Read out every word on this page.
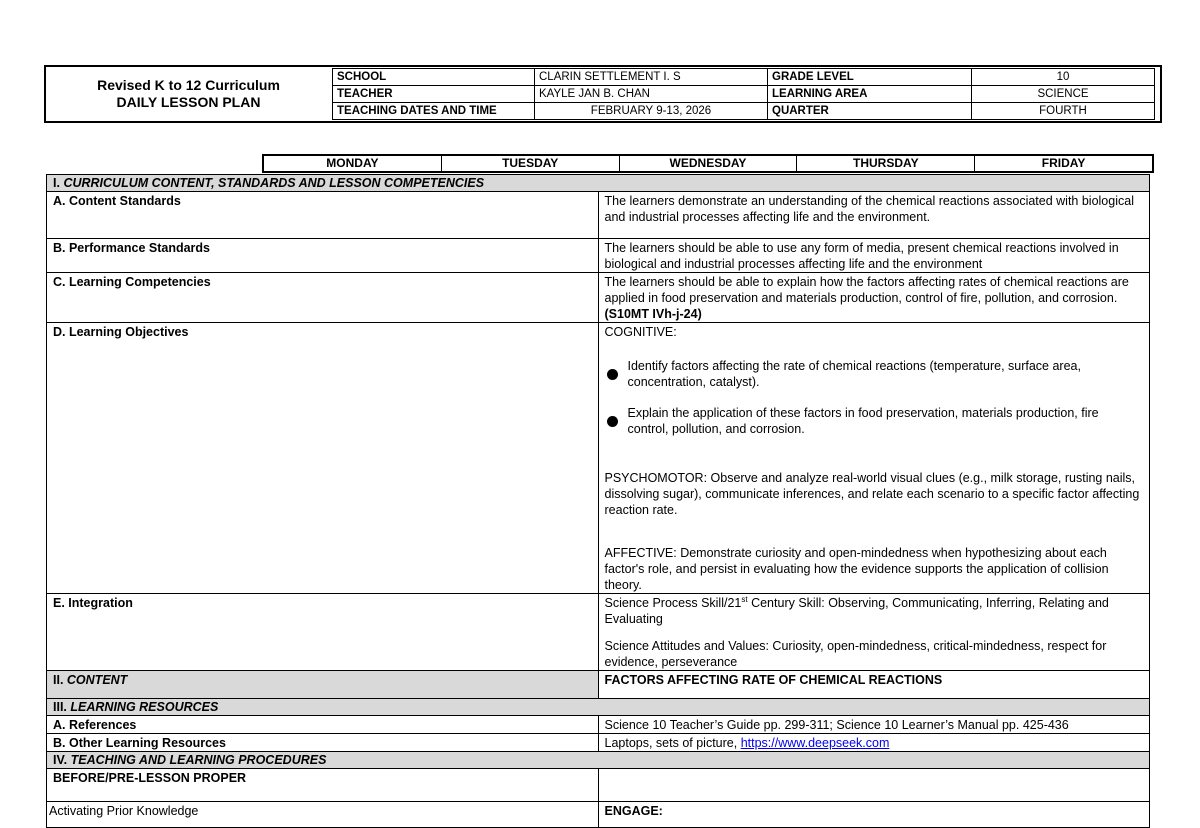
Revised K to 12 Curriculum
DAILY LESSON PLAN
SCHOOL	CLARIN SETTLEMENT I. S	GRADE LEVEL	10
TEACHER	KAYLE JAN B. CHAN	LEARNING AREA	SCIENCE
TEACHING DATES AND TIME	FEBRUARY 9-13, 2026	QUARTER	FOURTH
MONDAY	TUESDAY	WEDNESDAY	THURSDAY	FRIDAY
I. CURRICULUM CONTENT, STANDARDS AND LESSON COMPETENCIES	
A. Content Standards	The learners demonstrate an understanding of the chemical reactions associated with biological and industrial processes affecting life and the environment.
B. Performance Standards	The learners should be able to use any form of media, present chemical reactions involved in biological and industrial processes affecting life and the environment
C. Learning Competencies	The learners should be able to explain how the factors affecting rates of chemical reactions are applied in food preservation and materials production, control of fire, pollution, and corrosion. (S10MT IVh-j-24)
D. Learning Objectives	COGNITIVE:
Identify factors affecting the rate of chemical reactions (temperature, surface area, concentration, catalyst).
Explain the application of these factors in food preservation, materials production, fire control, pollution, and corrosion.
PSYCHOMOTOR: Observe and analyze real-world visual clues (e.g., milk storage, rusting nails, dissolving sugar), communicate inferences, and relate each scenario to a specific factor affecting reaction rate.
AFFECTIVE: Demonstrate curiosity and open-mindedness when hypothesizing about each factor's role, and persist in evaluating how the evidence supports the application of collision theory.

E. Integration	Science Process Skill/21st Century Skill: Observing, Communicating, Inferring, Relating and Evaluating
Science Attitudes and Values: Curiosity, open-mindedness, critical-mindedness, respect for evidence, perseverance

II. CONTENT	FACTORS AFFECTING RATE OF CHEMICAL REACTIONS
III. LEARNING RESOURCES	
A. References	Science 10 Teacher’s Guide pp. 299-311; Science 10 Learner’s Manual pp. 425-436
B. Other Learning Resources	Laptops, sets of picture, https://www.deepseek.com
IV. TEACHING AND LEARNING PROCEDURES	
BEFORE/PRE-LESSON PROPER	
Activating Prior Knowledge	ENGAGE:
